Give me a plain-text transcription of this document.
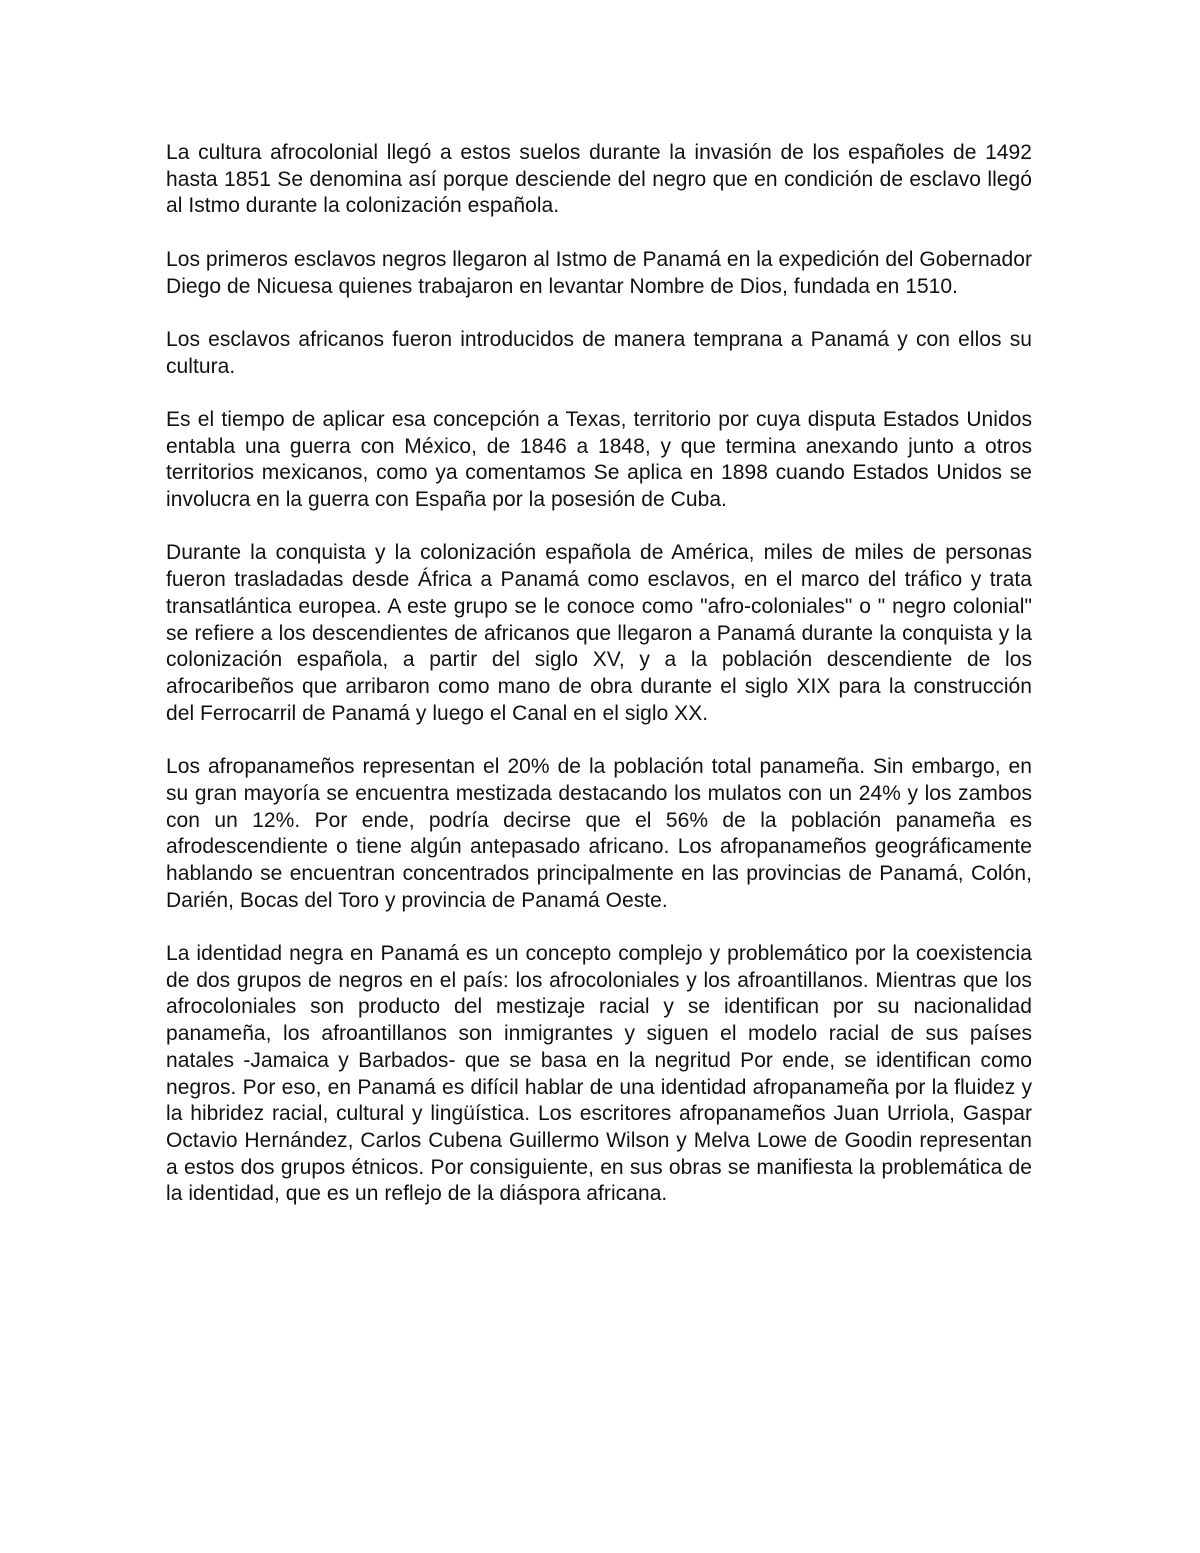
La cultura afrocolonial llegó a estos suelos durante la invasión de los españoles de 1492 hasta 1851 Se denomina así porque desciende del negro que en condición de esclavo llegó al Istmo durante la colonización española.

Los primeros esclavos negros llegaron al Istmo de Panamá en la expedición del Gobernador Diego de Nicuesa quienes trabajaron en levantar Nombre de Dios, fundada en 1510.

Los esclavos africanos fueron introducidos de manera temprana a Panamá y con ellos su cultura.

Es el tiempo de aplicar esa concepción a Texas, territorio por cuya disputa Estados Unidos entabla una guerra con México, de 1846 a 1848, y que termina anexando junto a otros territorios mexicanos, como ya comentamos Se aplica en 1898 cuando Estados Unidos se involucra en la guerra con España por la posesión de Cuba.

Durante la conquista y la colonización española de América, miles de miles de personas fueron trasladadas desde África a Panamá como esclavos, en el marco del tráfico y trata transatlántica europea. A este grupo se le conoce como "afro-coloniales" o " negro colonial" se refiere a los descendientes de africanos que llegaron a Panamá durante la conquista y la colonización española, a partir del siglo XV, y a la población descendiente de los afrocaribeños que arribaron como mano de obra durante el siglo XIX para la construcción del Ferrocarril de Panamá y luego el Canal en el siglo XX.

Los afropanameños representan el 20% de la población total panameña. Sin embargo, en su gran mayoría se encuentra mestizada destacando los mulatos con un 24% y los zambos con un 12%. Por ende, podría decirse que el 56% de la población panameña es afrodescendiente o tiene algún antepasado africano. Los afropanameños geográficamente hablando se encuentran concentrados principalmente en las provincias de Panamá, Colón, Darién, Bocas del Toro y provincia de Panamá Oeste.

La identidad negra en Panamá es un concepto complejo y problemático por la coexistencia de dos grupos de negros en el país: los afrocoloniales y los afroantillanos. Mientras que los afrocoloniales son producto del mestizaje racial y se identifican por su nacionalidad panameña, los afroantillanos son inmigrantes y siguen el modelo racial de sus países natales -Jamaica y Barbados- que se basa en la negritud Por ende, se identifican como negros. Por eso, en Panamá es difícil hablar de una identidad afropanameña por la fluidez y la hibridez racial, cultural y lingüística. Los escritores afropanameños Juan Urriola, Gaspar Octavio Hernández, Carlos Cubena Guillermo Wilson y Melva Lowe de Goodin representan a estos dos grupos étnicos. Por consiguiente, en sus obras se manifiesta la problemática de la identidad, que es un reflejo de la diáspora africana.
